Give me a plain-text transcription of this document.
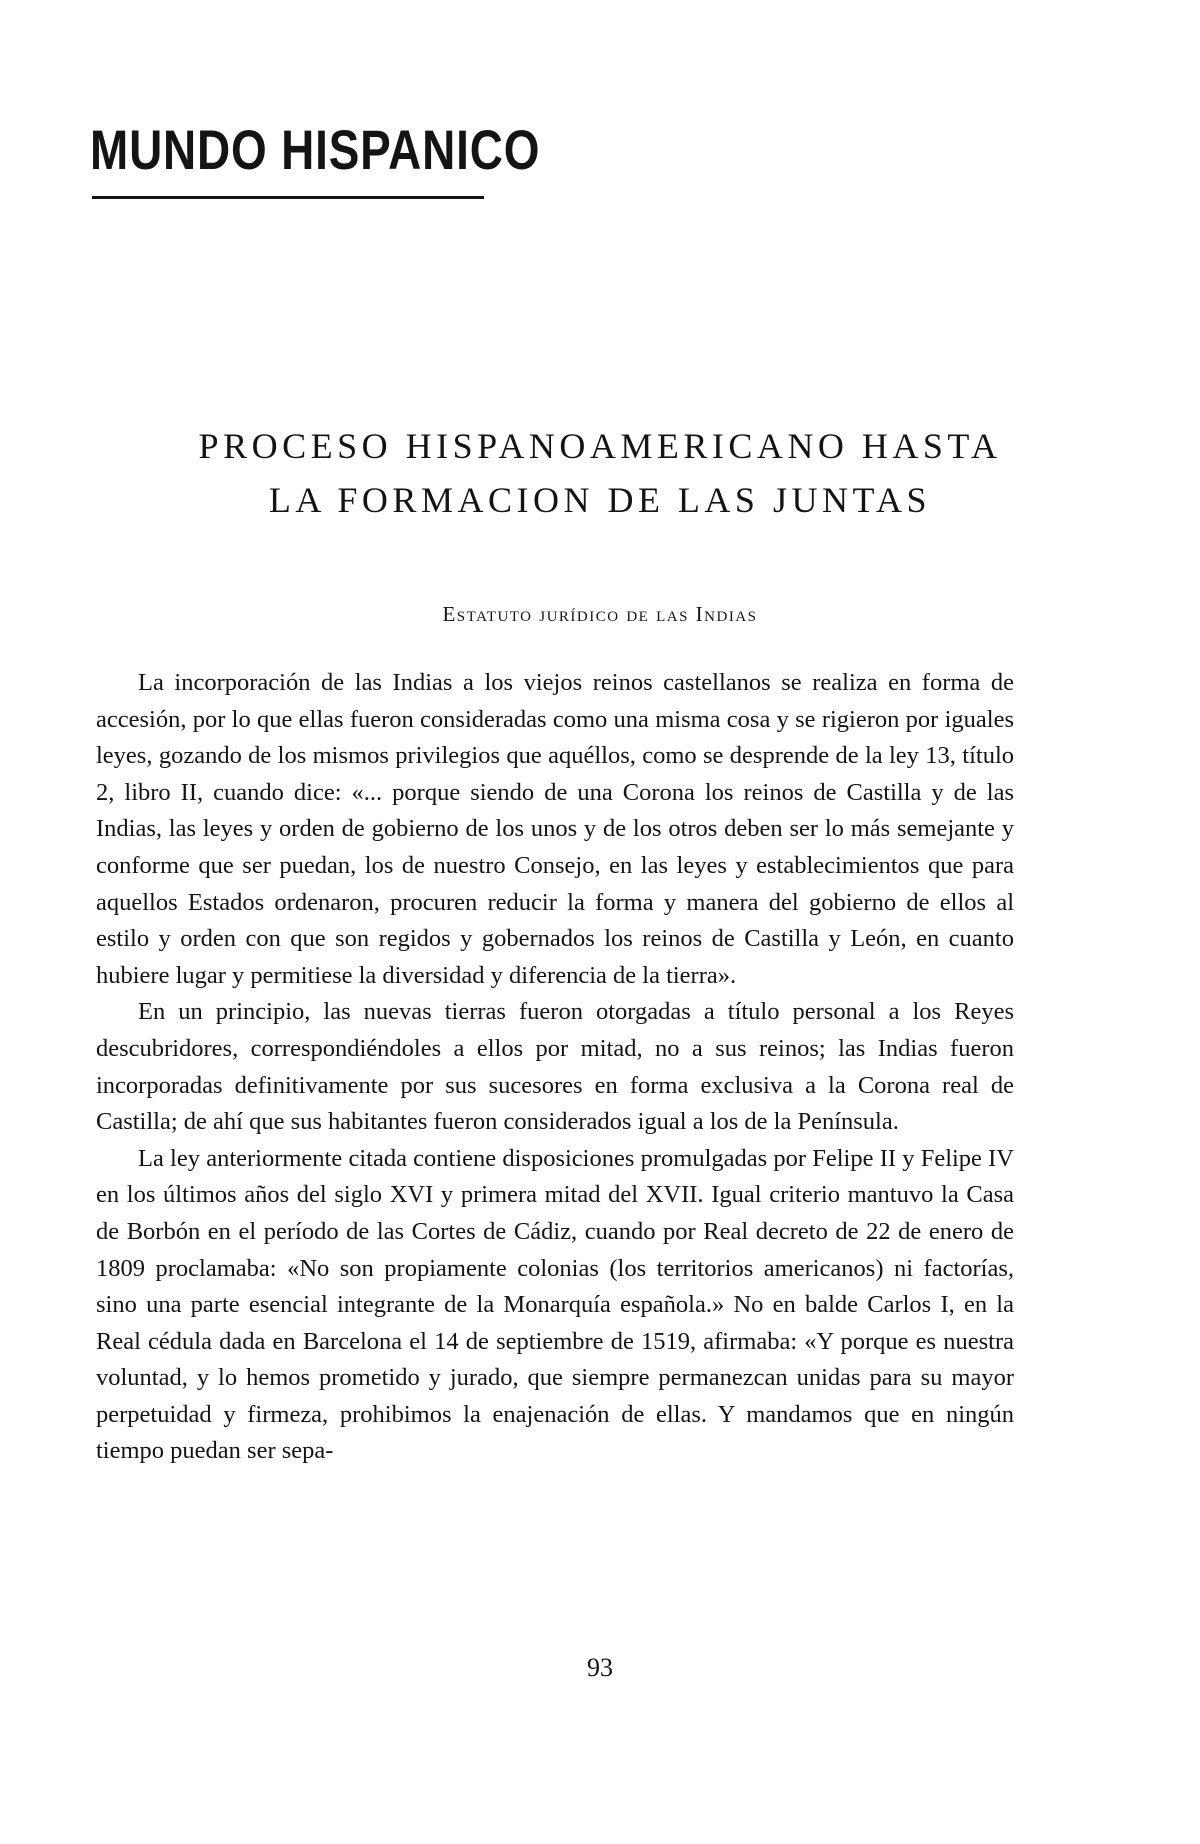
MUNDO HISPANICO
PROCESO HISPANOAMERICANO HASTA
LA FORMACION DE LAS JUNTAS
Estatuto jurídico de las Indias

La incorporación de las Indias a los viejos reinos castellanos se realiza en forma de accesión, por lo que ellas fueron consideradas como una misma cosa y se rigieron por iguales leyes, gozando de los mismos privilegios que aquéllos, como se desprende de la ley 13, título 2, libro II, cuando dice: «... porque siendo de una Corona los reinos de Castilla y de las Indias, las leyes y orden de gobierno de los unos y de los otros deben ser lo más semejante y conforme que ser puedan, los de nuestro Consejo, en las leyes y establecimientos que para aquellos Estados ordenaron, procuren reducir la forma y manera del gobierno de ellos al estilo y orden con que son regidos y gobernados los reinos de Castilla y León, en cuanto hubiere lugar y permitiese la diversidad y diferencia de la tierra».

En un principio, las nuevas tierras fueron otorgadas a título personal a los Reyes descubridores, correspondiéndoles a ellos por mitad, no a sus reinos; las Indias fueron incorporadas definitivamente por sus sucesores en forma exclusiva a la Corona real de Castilla; de ahí que sus habitantes fueron considerados igual a los de la Península.

La ley anteriormente citada contiene disposiciones promulgadas por Felipe II y Felipe IV en los últimos años del siglo XVI y primera mitad del XVII. Igual criterio mantuvo la Casa de Borbón en el período de las Cortes de Cádiz, cuando por Real decreto de 22 de enero de 1809 proclamaba: «No son propiamente colonias (los territorios americanos) ni factorías, sino una parte esencial integrante de la Monarquía española.» No en balde Carlos I, en la Real cédula dada en Barcelona el 14 de septiembre de 1519, afirmaba: «Y porque es nuestra voluntad, y lo hemos prometido y jurado, que siempre permanezcan unidas para su mayor perpetuidad y firmeza, prohibimos la enajenación de ellas. Y mandamos que en ningún tiempo puedan ser sepa-

93
